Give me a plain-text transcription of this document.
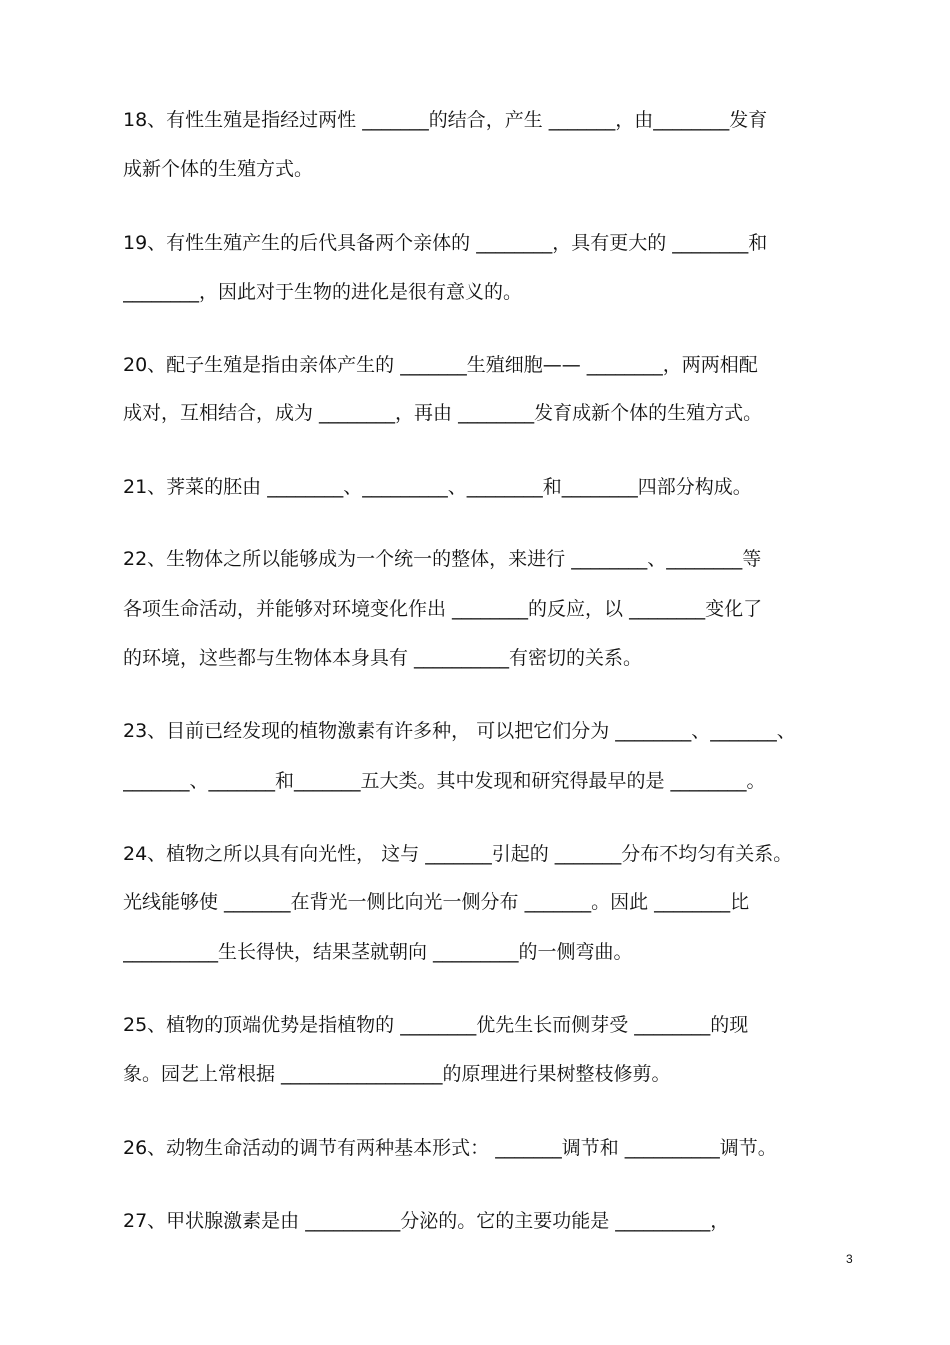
18、有性生殖是指经过两性 _______的结合，产生 _______，由________发育
成新个体的生殖方式。
19、有性生殖产生的后代具备两个亲体的 ________，具有更大的 ________和
________，因此对于生物的进化是很有意义的。
20、配子生殖是指由亲体产生的 _______生殖细胞—— ________，两两相配
成对，互相结合，成为 ________，再由 ________发育成新个体的生殖方式。
21、荠菜的胚由 ________、_________、________和________四部分构成。
22、生物体之所以能够成为一个统一的整体，来进行 ________、________等
各项生命活动，并能够对环境变化作出 ________的反应，以 ________变化了
的环境，这些都与生物体本身具有 __________有密切的关系。
23、目前已经发现的植物激素有许多种， 可以把它们分为 ________、_______、
_______、_______和_______五大类。其中发现和研究得最早的是 ________。
24、植物之所以具有向光性， 这与 _______引起的 _______分布不均匀有关系。
光线能够使 _______在背光一侧比向光一侧分布 _______。因此 ________比
__________生长得快，结果茎就朝向 _________的一侧弯曲。
25、植物的顶端优势是指植物的 ________优先生长而侧芽受 ________的现
象。园艺上常根据 _________________的原理进行果树整枝修剪。
26、动物生命活动的调节有两种基本形式： _______调节和 __________调节。
27、甲状腺激素是由 __________分泌的。它的主要功能是 __________，
3
